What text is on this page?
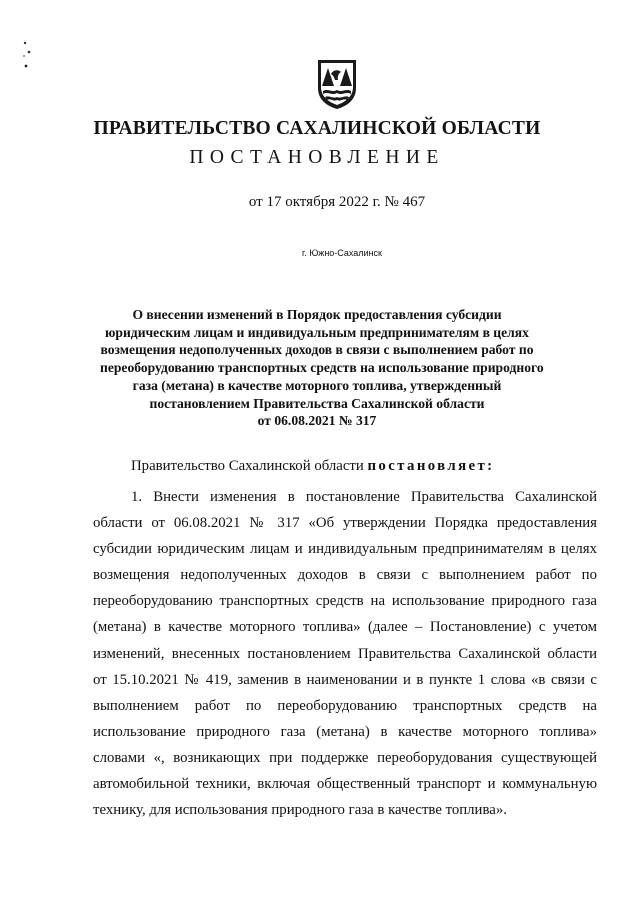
ПРАВИТЕЛЬСТВО САХАЛИНСКОЙ ОБЛАСТИ
ПОСТАНОВЛЕНИЕ
от 17 октября 2022 г. № 467
г. Южно-Сахалинск
О внесении изменений в Порядок предоставления субсидии
юридическим лицам и индивидуальным предпринимателям в целях
возмещения недополученных доходов в связи с выполнением работ по
переоборудованию транспортных средств на использование природного
газа (метана) в качестве моторного топлива, утвержденный
постановлением Правительства Сахалинской области
от 06.08.2021 № 317
Правительство Сахалинской области постановляет:
1. Внести изменения в постановление Правительства Сахалинской
области от 06.08.2021 № 317 «Об утверждении Порядка предоставления
субсидии юридическим лицам и индивидуальным предпринимателям в целях
возмещения недополученных доходов в связи с выполнением работ по
переоборудованию транспортных средств на использование природного газа
(метана) в качестве моторного топлива» (далее – Постановление) с учетом
изменений, внесенных постановлением Правительства Сахалинской области
от 15.10.2021 № 419, заменив в наименовании и в пункте 1 слова «в связи с
выполнением работ по переоборудованию транспортных средств на
использование природного газа (метана) в качестве моторного топлива»
словами «, возникающих при поддержке переоборудования существующей
автомобильной техники, включая общественный транспорт и коммунальную
технику, для использования природного газа в качестве топлива».
